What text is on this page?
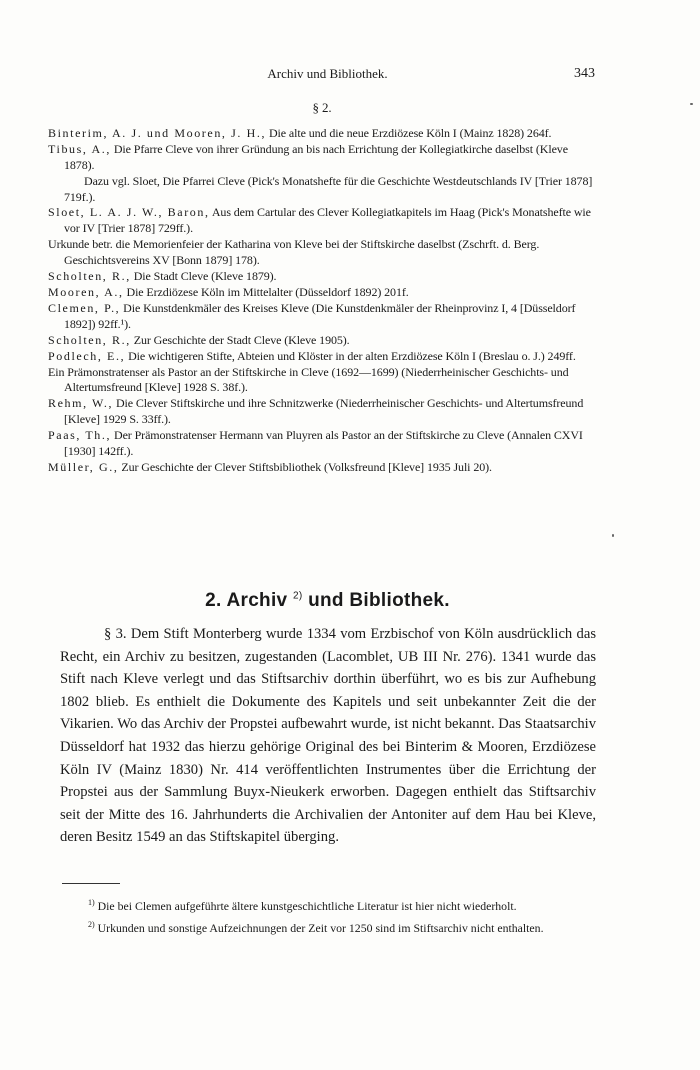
Archiv und Bibliothek.	343
§ 2.

Binterim, A. J. und Mooren, J. H., Die alte und die neue Erzdiözese Köln I (Mainz 1828) 264f.

Tibus, A., Die Pfarre Cleve von ihrer Gründung an bis nach Errichtung der Kollegiatkirche daselbst (Kleve 1878).

Dazu vgl. Sloet, Die Pfarrei Cleve (Pick's Monatshefte für die Geschichte Westdeutschlands IV [Trier 1878] 719f.).

Sloet, L. A. J. W., Baron, Aus dem Cartular des Clever Kollegiatkapitels im Haag (Pick's Monatshefte wie vor IV [Trier 1878] 729ff.).

Urkunde betr. die Memorienfeier der Katharina von Kleve bei der Stiftskirche daselbst (Zschrft. d. Berg. Geschichtsvereins XV [Bonn 1879] 178).

Scholten, R., Die Stadt Cleve (Kleve 1879).

Mooren, A., Die Erzdiözese Köln im Mittelalter (Düsseldorf 1892) 201f.

Clemen, P., Die Kunstdenkmäler des Kreises Kleve (Die Kunstdenkmäler der Rheinprovinz I, 4 [Düsseldorf 1892]) 92ff.¹).

Scholten, R., Zur Geschichte der Stadt Cleve (Kleve 1905).

Podlech, E., Die wichtigeren Stifte, Abteien und Klöster in der alten Erzdiözese Köln I (Breslau o. J.) 249ff.

Ein Prämonstratenser als Pastor an der Stiftskirche in Cleve (1692—1699) (Niederrheinischer Geschichts- und Altertumsfreund [Kleve] 1928 S. 38f.).

Rehm, W., Die Clever Stiftskirche und ihre Schnitzwerke (Niederrheinischer Geschichts- und Altertumsfreund [Kleve] 1929 S. 33ff.).

Paas, Th., Der Prämonstratenser Hermann van Pluyren als Pastor an der Stiftskirche zu Cleve (Annalen CXVI [1930] 142ff.).

Müller, G., Zur Geschichte der Clever Stiftsbibliothek (Volksfreund [Kleve] 1935 Juli 20).

2. Archiv $^{2)}$ und Bibliothek.

§ 3. Dem Stift Monterberg wurde 1334 vom Erzbischof von Köln ausdrücklich das Recht, ein Archiv zu besitzen, zugestanden (Lacomblet, UB III Nr. 276). 1341 wurde das Stift nach Kleve verlegt und das Stiftsarchiv dorthin überführt, wo es bis zur Aufhebung 1802 blieb. Es enthielt die Dokumente des Kapitels und seit unbekannter Zeit die der Vikarien. Wo das Archiv der Propstei aufbewahrt wurde, ist nicht bekannt. Das Staatsarchiv Düsseldorf hat 1932 das hierzu gehörige Original des bei Binterim & Mooren, Erzdiözese Köln IV (Mainz 1830) Nr. 414 veröffentlichten Instrumentes über die Errichtung der Propstei aus der Sammlung Buyx-Nieukerk erworben. Dagegen enthielt das Stiftsarchiv seit der Mitte des 16. Jahrhunderts die Archivalien der Antoniter auf dem Hau bei Kleve, deren Besitz 1549 an das Stiftskapitel überging.

$^{1)}$ Die bei Clemen aufgeführte ältere kunstgeschichtliche Literatur ist hier nicht wiederholt.

$^{2)}$ Urkunden und sonstige Aufzeichnungen der Zeit vor 1250 sind im Stiftsarchiv nicht enthalten.
